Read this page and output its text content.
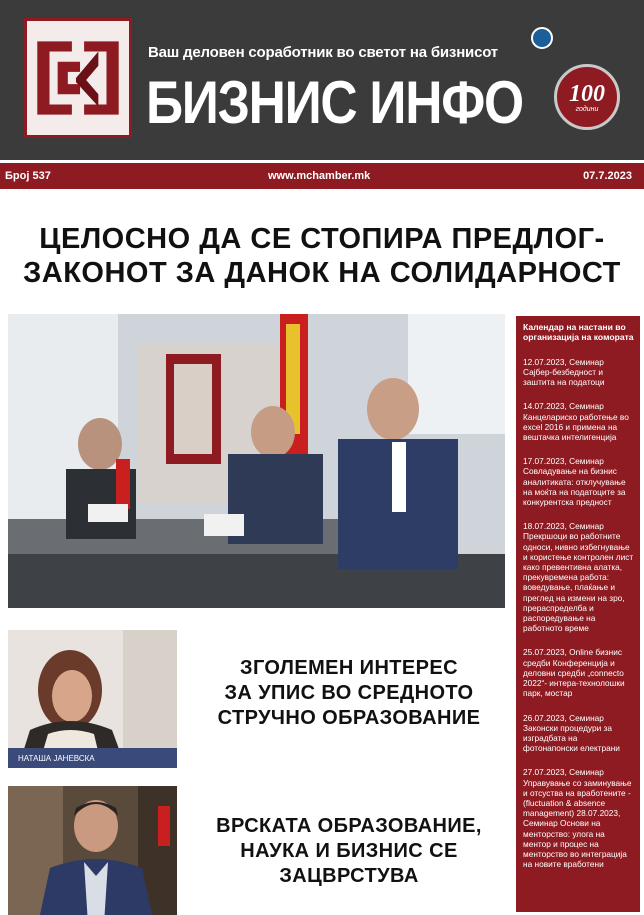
Ваш деловен соработник во светот на бизнисот
БИЗНИС ИНФО 100
години
Број 537	www.mchamber.mk	07.7.2023
ЦЕЛОСНО ДА СЕ СТОПИРА ПРЕДЛОГ-
ЗАКОНОТ ЗА ДАНОК НА СОЛИДАРНОСТ
Календар на настани во организација на комората
12.07.2023, Семинар Сајбер-безбедност и заштита на податоци
14.07.2023, Семинар Канцелариско работење во excel 2016 и примена на вештачка интелигенција
17.07.2023, Семинар Совладување на бизнис аналитиката: отклучување на моќта на податоците за конкурентска предност
18.07.2023, Семинар Прекршоци во работните односи, нивно избегнување и користење контролен лист како превентивна алатка, прекувремена работа: воведување, плаќање и преглед на измени на зро, прераспределба и распоредување на работното време
25.07.2023, Online бизнис средби Конференција и деловни средби „connecto 2022“- интера-технолошки парк, мостар
26.07.2023, Семинар Законски процедури за изградбата на фотонапонски електрани
27.07.2023, Семинар Управување со заминување и отсуства на вработените -(fluctuation & absence management) 28.07.2023, Семинар Основи на менторство: улога на ментор и процес на менторство во интеграција на новите вработени
НАТАША ЈАНЕВСКА
ЗГОЛЕМЕН ИНТЕРЕС
ЗА УПИС ВО СРЕДНОТО
СТРУЧНО ОБРАЗОВАНИЕ
ВРСКАТА ОБРАЗОВАНИЕ,
НАУКА И БИЗНИС СЕ
ЗАЦВРСТУВА
